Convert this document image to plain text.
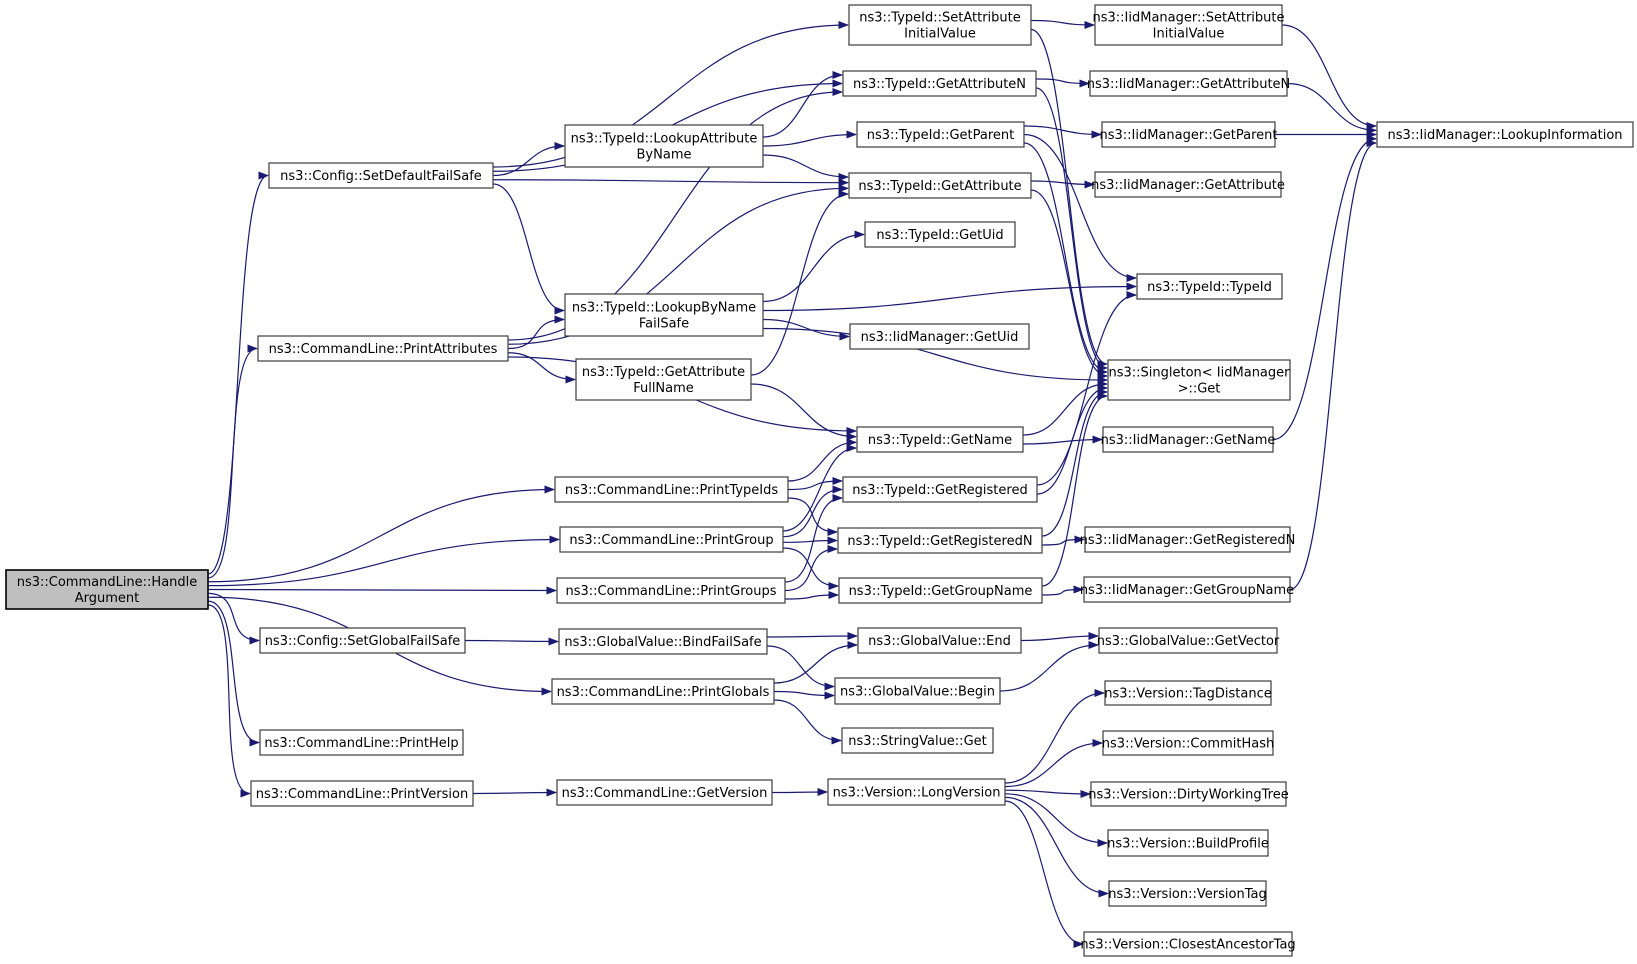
ns3::CommandLine::Handle Argument
ns3::Config::SetDefaultFailSafe
ns3::CommandLine::PrintAttributes
ns3::Config::SetGlobalFailSafe
ns3::CommandLine::PrintHelp
ns3::CommandLine::PrintVersion
ns3::TypeId::LookupAttribute ByName
ns3::TypeId::LookupByName FailSafe
ns3::TypeId::GetAttribute FullName
ns3::CommandLine::PrintTypeIds
ns3::CommandLine::PrintGroup
ns3::CommandLine::PrintGroups
ns3::GlobalValue::BindFailSafe
ns3::CommandLine::PrintGlobals
ns3::CommandLine::GetVersion
ns3::TypeId::SetAttribute InitialValue
ns3::TypeId::GetAttributeN
ns3::TypeId::GetParent
ns3::TypeId::GetAttribute
ns3::TypeId::GetUid
ns3::IidManager::GetUid
ns3::TypeId::TypeId
ns3::Singleton< IidManager >::Get
ns3::TypeId::GetName	ns3::IidManager::GetName
ns3::TypeId::GetRegistered
ns3::TypeId::GetRegisteredN	ns3::IidManager::GetRegisteredN
ns3::TypeId::GetGroupName	ns3::IidManager::GetGroupName
ns3::GlobalValue::End	ns3::GlobalValue::GetVector
ns3::GlobalValue::Begin
ns3::StringValue::Get
ns3::Version::LongVersion
ns3::IidManager::SetAttribute InitialValue
ns3::IidManager::GetAttributeN
ns3::IidManager::GetParent	ns3::IidManager::LookupInformation
ns3::IidManager::GetAttribute
ns3::Version::TagDistance
ns3::Version::CommitHash
ns3::Version::DirtyWorkingTree
ns3::Version::BuildProfile
ns3::Version::VersionTag
ns3::Version::ClosestAncestorTag
